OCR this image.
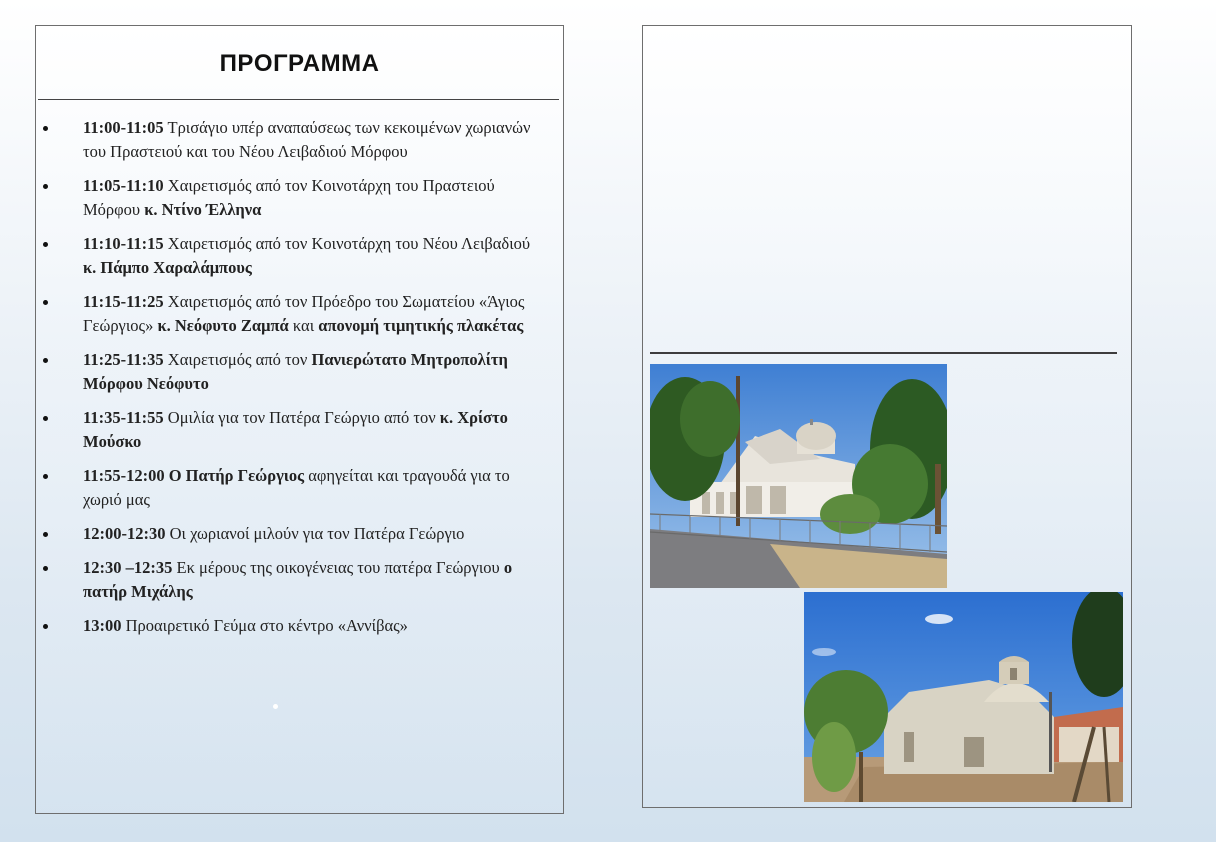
ΠΡΟΓΡΑΜΜΑ
11:00-11:05 Τρισάγιο υπέρ αναπαύσεως των κεκοιμένων χωριανών του Πραστειού και του Νέου Λειβαδιού Μόρφου
11:05-11:10 Χαιρετισμός από τον Κοινοτάρχη του Πραστειού Μόρφου κ. Ντίνο Έλληνα
11:10-11:15 Χαιρετισμός από τον Κοινοτάρχη του Νέου Λειβαδιού κ. Πάμπο Χαραλάμπους
11:15-11:25 Χαιρετισμός από τον Πρόεδρο του Σωματείου «Άγιος Γεώργιος» κ. Νεόφυτο Ζαμπά και απονομή τιμητικής πλακέτας
11:25-11:35 Χαιρετισμός από τον Πανιερώτατο Μητροπολίτη Μόρφου Νεόφυτο
11:35-11:55 Ομιλία για τον Πατέρα Γεώργιο από τον κ. Χρίστο Μούσκο
11:55-12:00 Ο Πατήρ Γεώργιος αφηγείται και τραγουδά για το χωριό μας
12:00-12:30 Οι χωριανοί μιλούν για τον Πατέρα Γεώργιο
12:30 –12:35 Εκ μέρους της οικογένειας του πατέρα Γεώργιου ο πατήρ Μιχάλης
13:00 Προαιρετικό Γεύμα στο κέντρο «Αννίβας»
